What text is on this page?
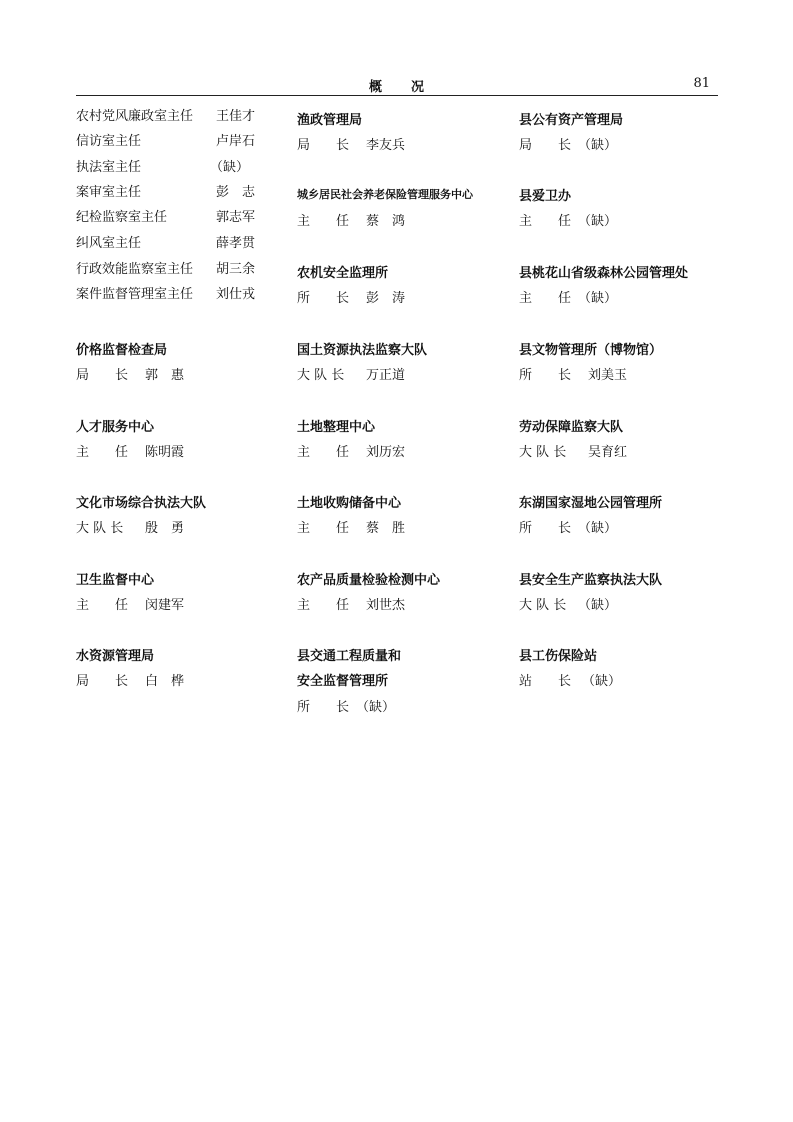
概　　况	81
农村党风廉政室主任 王佳才
信访室主任	卢岸石
执法室主任	（缺）
案审室主任	彭　志
纪检监察室主任	郭志军
纠风室主任	薛孝贯
行政效能监察室主任 胡三余
案件监督管理室主任 刘仕戎
渔政管理局
局　　长 李友兵
城乡居民社会养老保险管理服务中心
主　　任 蔡　鸿
农机安全监理所
所　　长 彭　涛
县公有资产管理局
局　　长 （缺）
县爱卫办
主　　任 （缺）
县桃花山省级森林公园管理处
主　　任 （缺）
价格监督检查局
局　　长 郭　惠
国土资源执法监察大队
大 队 长 万正道
县文物管理所（博物馆）
所　　长 刘美玉
人才服务中心
主　　任 陈明霞
土地整理中心
主　　任 刘历宏
劳动保障监察大队
大 队 长 吴育红
文化市场综合执法大队
大 队 长 殷　勇
土地收购储备中心
主　　任 蔡　胜
东湖国家湿地公园管理所
所　　长 （缺）
卫生监督中心
主　　任 闵建军
农产品质量检验检测中心
主　　任 刘世杰
县安全生产监察执法大队
大 队 长 （缺）
水资源管理局
局　　长 白　桦
县交通工程质量和
安全监督管理所
所　　长 （缺）
县工伤保险站
站　　长 （缺）
